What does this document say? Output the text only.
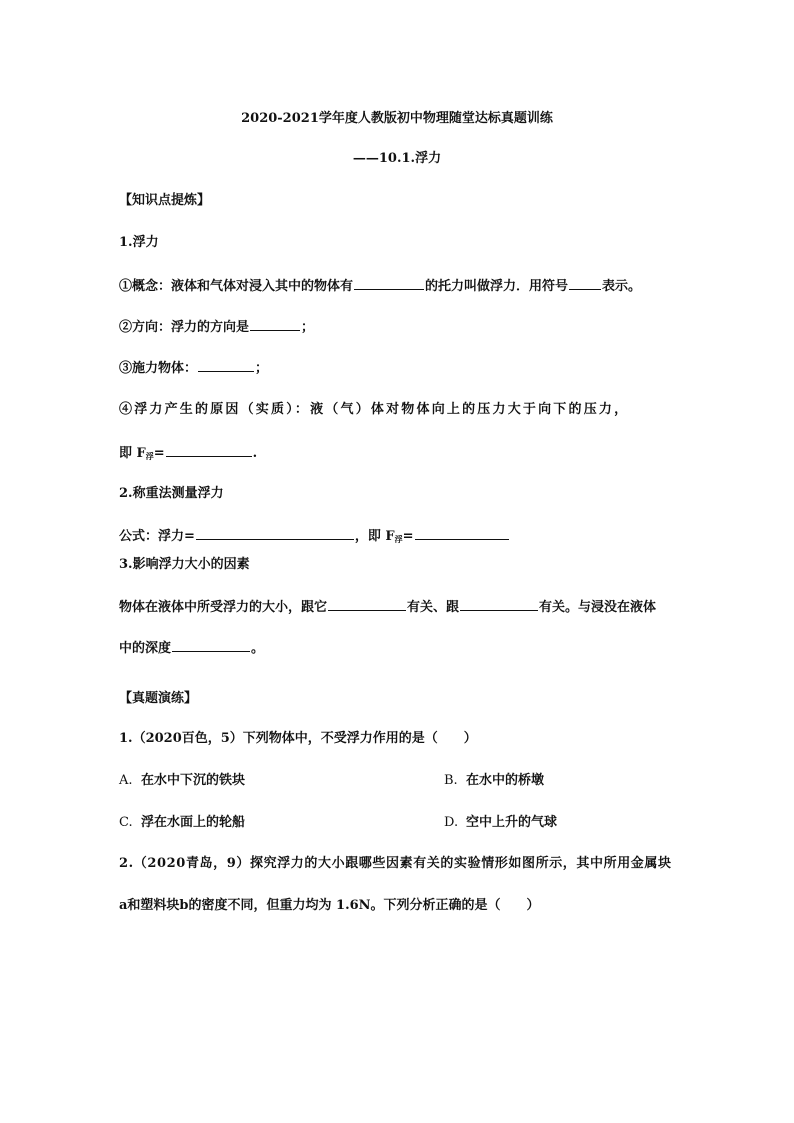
2020-2021学年度人教版初中物理随堂达标真题训练
——10.1.浮力
【知识点提炼】
1.浮力
①概念：液体和气体对浸入其中的物体有	的托力叫做浮力．用符号	表示。
②方向：浮力的方向是	；
③施力物体：	；
④浮力产生的原因（实质）：液（气）体对物体向上的压力大于向下的压力，
即 $F_浮=$	.
2.称重法测量浮力
公式：浮力=	，即 $F_浮=$
3.影响浮力大小的因素
物体在液体中所受浮力的大小，跟它	有关、跟	有关。与浸没在液体
中的深度	。
【真题演练】
1.（2020百色，5）下列物体中，不受浮力作用的是（　　）
A. 在水中下沉的铁块	B. 在水中的桥墩
C. 浮在水面上的轮船	D. 空中上升的气球
2.（2020青岛，9）探究浮力的大小跟哪些因素有关的实验情形如图所示，其中所用金属块
a和塑料块b的密度不同，但重力均为 1.6N。下列分析正确的是（　　）
